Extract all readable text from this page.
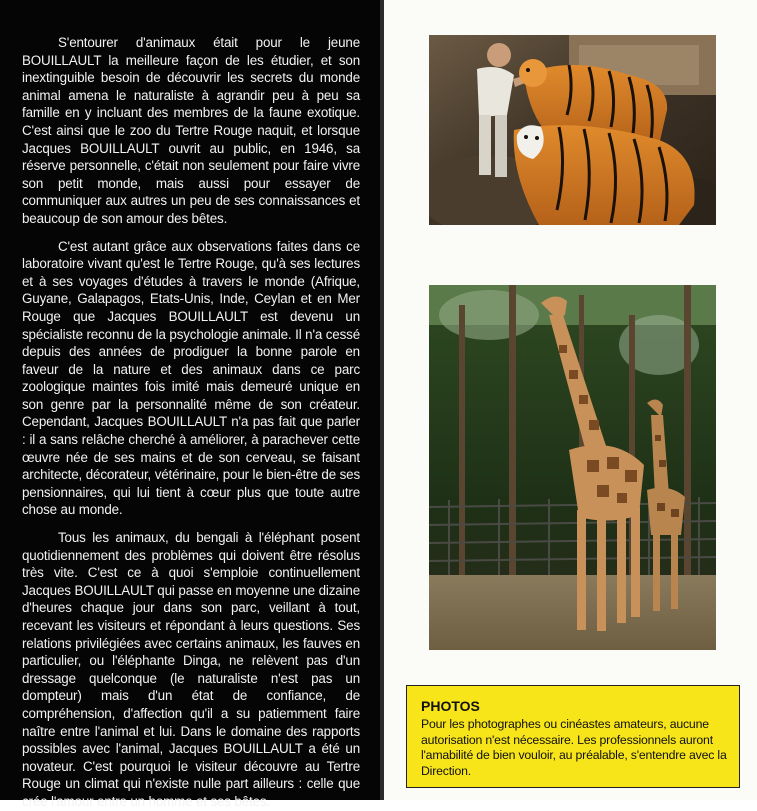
S'entourer d'animaux était pour le jeune BOUILLAULT la meilleure façon de les étudier, et son inextinguible besoin de découvrir les secrets du monde animal amena le naturaliste à agrandir peu à peu sa famille en y incluant des membres de la faune exotique. C'est ainsi que le zoo du Tertre Rouge naquit, et lorsque Jacques BOUILLAULT ouvrit au public, en 1946, sa réserve personnelle, c'était non seulement pour faire vivre son petit monde, mais aussi pour essayer de communiquer aux autres un peu de ses connaissances et beaucoup de son amour des bêtes.

C'est autant grâce aux observations faites dans ce laboratoire vivant qu'est le Tertre Rouge, qu'à ses lectures et à ses voyages d'études à travers le monde (Afrique, Guyane, Galapagos, Etats-Unis, Inde, Ceylan et en Mer Rouge que Jacques BOUILLAULT est devenu un spécialiste reconnu de la psychologie animale. Il n'a cessé depuis des années de prodiguer la bonne parole en faveur de la nature et des animaux dans ce parc zoologique maintes fois imité mais demeuré unique en son genre par la personnalité même de son créateur. Cependant, Jacques BOUILLAULT n'a pas fait que parler : il a sans relâche cherché à améliorer, à parachever cette œuvre née de ses mains et de son cerveau, se faisant architecte, décorateur, vétérinaire, pour le bien-être de ses pensionnaires, qui lui tient à cœur plus que toute autre chose au monde.

Tous les animaux, du bengali à l'éléphant posent quotidiennement des problèmes qui doivent être résolus très vite. C'est ce à quoi s'emploie continuellement Jacques BOUILLAULT qui passe en moyenne une dizaine d'heures chaque jour dans son parc, veillant à tout, recevant les visiteurs et répondant à leurs questions. Ses relations privilégiées avec certains animaux, les fauves en particulier, ou l'éléphante Dinga, ne relèvent pas d'un dressage quelconque (le naturaliste n'est pas un dompteur) mais d'un état de confiance, de compréhension, d'affection qu'il a su patiemment faire naître entre l'animal et lui. Dans le domaine des rapports possibles avec l'animal, Jacques BOUILLAULT a été un novateur. C'est pourquoi le visiteur découvre au Tertre Rouge un climat qui n'existe nulle part ailleurs : celle que crée l'amour entre un homme et ses bêtes.

PHOTOS

Pour les photographes ou cinéastes amateurs, aucune autorisation n'est nécessaire. Les professionnels auront l'amabilité de bien vouloir, au préalable, s'entendre avec la Direction.
